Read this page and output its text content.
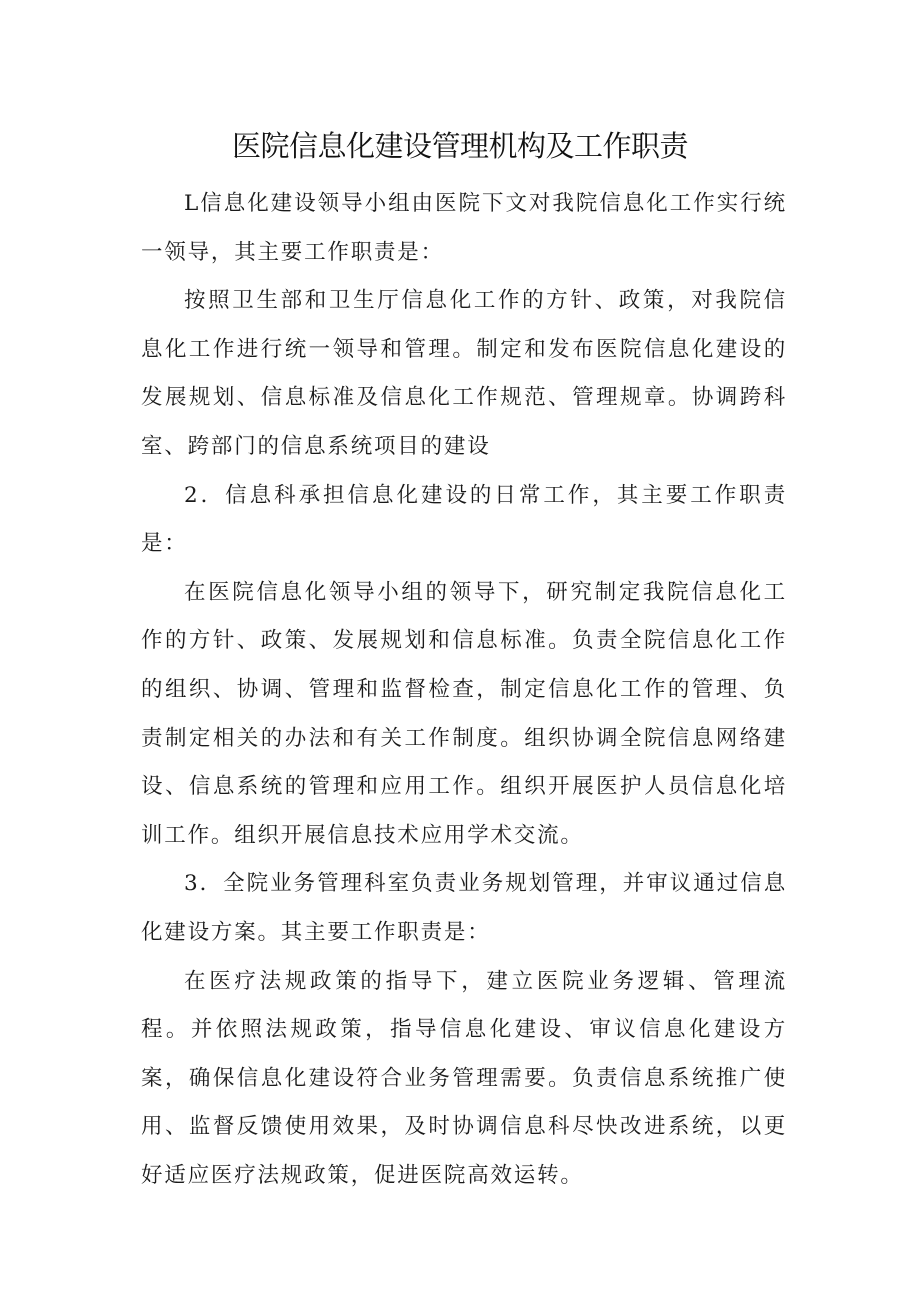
医院信息化建设管理机构及工作职责

L信息化建设领导小组由医院下文对我院信息化工作实行统一领导，其主要工作职责是：

按照卫生部和卫生厅信息化工作的方针、政策，对我院信息化工作进行统一领导和管理。制定和发布医院信息化建设的发展规划、信息标准及信息化工作规范、管理规章。协调跨科室、跨部门的信息系统项目的建设

2．信息科承担信息化建设的日常工作，其主要工作职责是：

在医院信息化领导小组的领导下，研究制定我院信息化工作的方针、政策、发展规划和信息标准。负责全院信息化工作的组织、协调、管理和监督检查，制定信息化工作的管理、负责制定相关的办法和有关工作制度。组织协调全院信息网络建设、信息系统的管理和应用工作。组织开展医护人员信息化培训工作。组织开展信息技术应用学术交流。

3．全院业务管理科室负责业务规划管理，并审议通过信息化建设方案。其主要工作职责是：

在医疗法规政策的指导下，建立医院业务逻辑、管理流程。并依照法规政策，指导信息化建设、审议信息化建设方案，确保信息化建设符合业务管理需要。负责信息系统推广使用、监督反馈使用效果，及时协调信息科尽快改进系统，以更好适应医疗法规政策，促进医院高效运转。
